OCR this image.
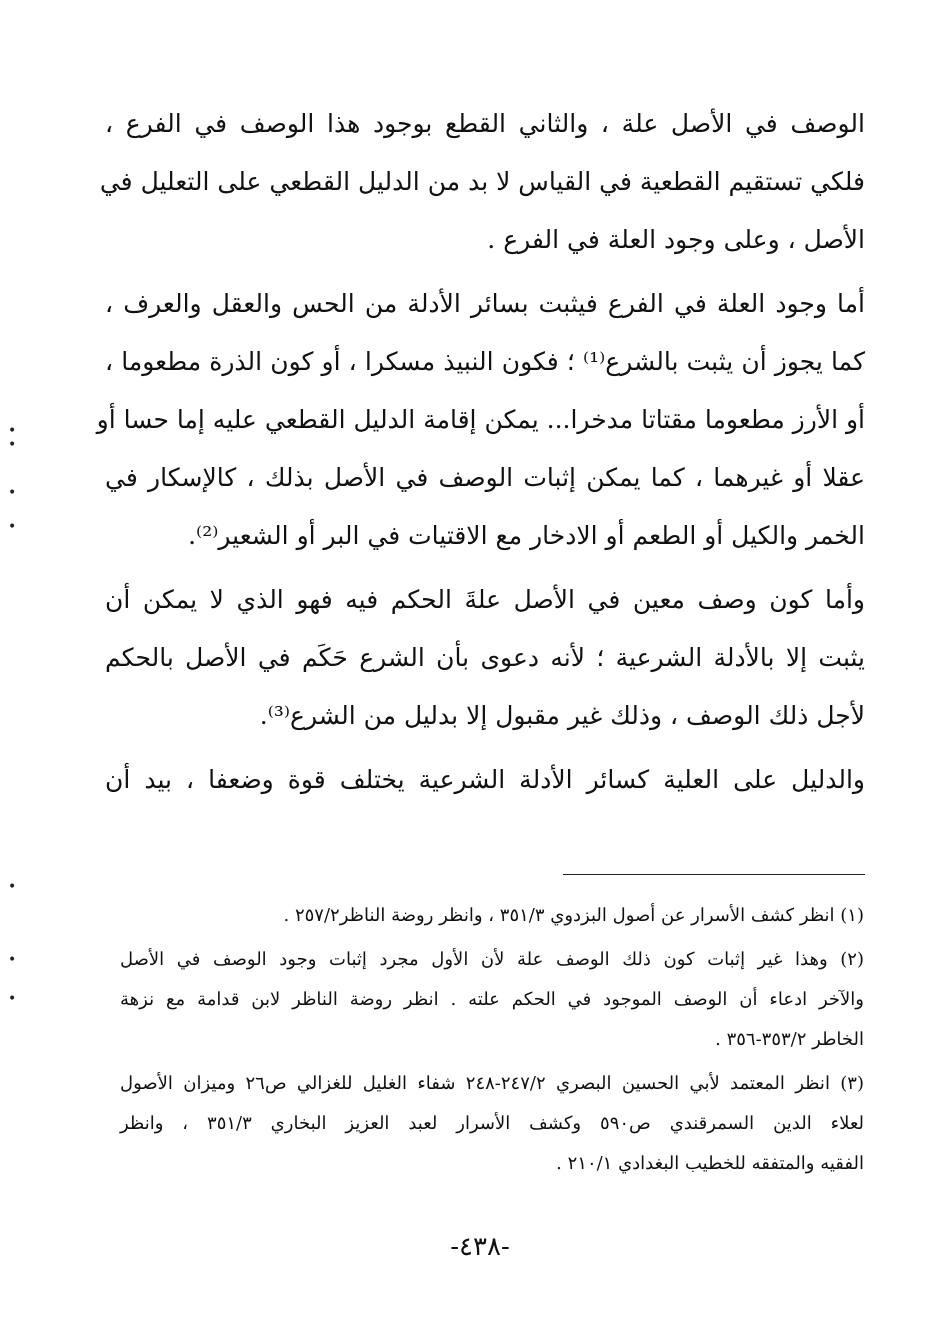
الوصف في الأصل علة ، والثاني القطع بوجود هذا الوصف في الفرع ،
فلكي تستقيم القطعية في القياس لا بد من الدليل القطعي على التعليل في
الأصل ، وعلى وجود العلة في الفرع .
أما وجود العلة في الفرع فيثبت بسائر الأدلة من الحس والعقل والعرف ،
كما يجوز أن يثبت بالشرع⁽¹⁾ ؛ فكون النبيذ مسكرا ، أو كون الذرة مطعوما ،
أو الأرز مطعوما مقتاتا مدخرا... يمكن إقامة الدليل القطعي عليه إما حسا أو
عقلا أو غيرهما ، كما يمكن إثبات الوصف في الأصل بذلك ، كالإسكار في
الخمر والكيل أو الطعم أو الادخار مع الاقتيات في البر أو الشعير⁽²⁾.
وأما كون وصف معين في الأصل علةَ الحكم فيه فهو الذي لا يمكن أن
يثبت إلا بالأدلة الشرعية ؛ لأنه دعوى بأن الشرع حَكَم في الأصل بالحكم
لأجل ذلك الوصف ، وذلك غير مقبول إلا بدليل من الشرع⁽³⁾.
والدليل على العلية كسائر الأدلة الشرعية يختلف قوة وضعفا ، بيد أن
(١) انظر كشف الأسرار عن أصول البزدوي ٣٥١/٣ ، وانظر روضة الناظر٢٥٧/٢ .
(٢) وهذا غير إثبات كون ذلك الوصف علة لأن الأول مجرد إثبات وجود الوصف في الأصل
والآخر ادعاء أن الوصف الموجود في الحكم علته . انظر روضة الناظر لابن قدامة مع نزهة
الخاطر ٣٥٣/٢-٣٥٦ .
(٣) انظر المعتمد لأبي الحسين البصري ٢٤٧/٢-٢٤٨ شفاء الغليل للغزالي ص٢٦ وميزان الأصول
لعلاء الدين السمرقندي ص٥٩٠ وكشف الأسرار لعبد العزيز البخاري ٣٥١/٣ ، وانظر
الفقيه والمتفقه للخطيب البغدادي ٢١٠/١ .
-٤٣٨-
•
•
•
•
•
•
•
